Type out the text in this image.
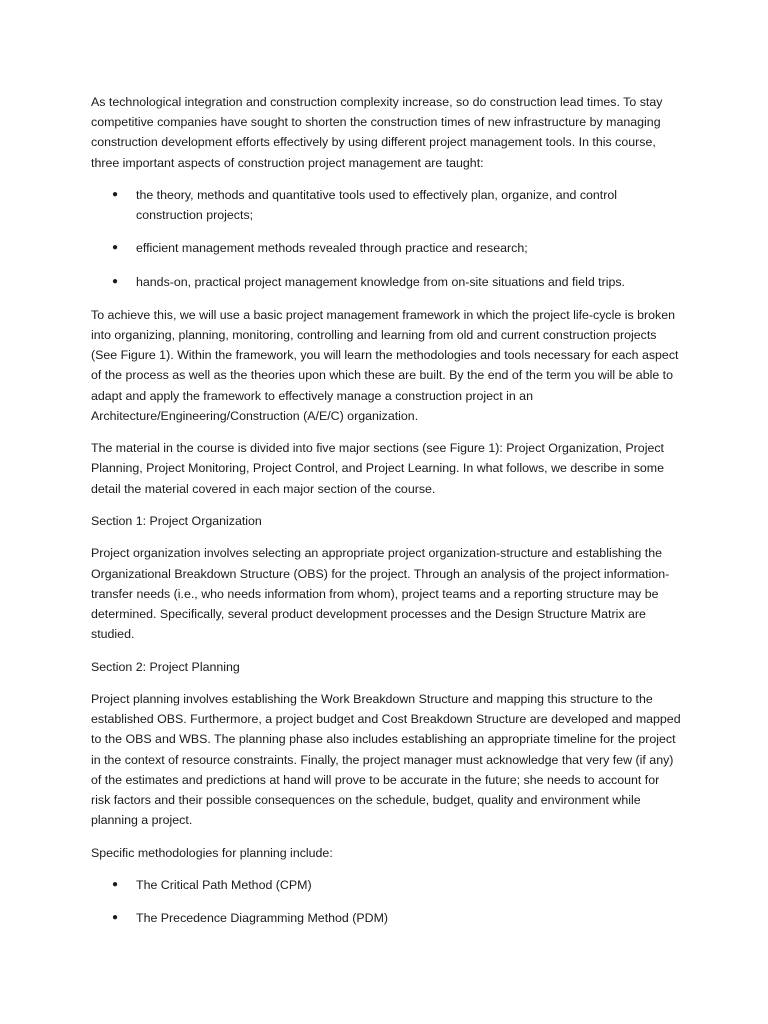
As technological integration and construction complexity increase, so do construction lead times. To stay competitive companies have sought to shorten the construction times of new infrastructure by managing construction development efforts effectively by using different project management tools. In this course, three important aspects of construction project management are taught:

● the theory, methods and quantitative tools used to effectively plan, organize, and control construction projects;
● efficient management methods revealed through practice and research;
● hands-on, practical project management knowledge from on-site situations and field trips.

To achieve this, we will use a basic project management framework in which the project life-cycle is broken into organizing, planning, monitoring, controlling and learning from old and current construction projects (See Figure 1). Within the framework, you will learn the methodologies and tools necessary for each aspect of the process as well as the theories upon which these are built. By the end of the term you will be able to adapt and apply the framework to effectively manage a construction project in an Architecture/Engineering/Construction (A/E/C) organization.

The material in the course is divided into five major sections (see Figure 1): Project Organization, Project Planning, Project Monitoring, Project Control, and Project Learning. In what follows, we describe in some detail the material covered in each major section of the course.

Section 1: Project Organization

Project organization involves selecting an appropriate project organization-structure and establishing the Organizational Breakdown Structure (OBS) for the project. Through an analysis of the project information-transfer needs (i.e., who needs information from whom), project teams and a reporting structure may be determined. Specifically, several product development processes and the Design Structure Matrix are studied.

Section 2: Project Planning

Project planning involves establishing the Work Breakdown Structure and mapping this structure to the established OBS. Furthermore, a project budget and Cost Breakdown Structure are developed and mapped to the OBS and WBS. The planning phase also includes establishing an appropriate timeline for the project in the context of resource constraints. Finally, the project manager must acknowledge that very few (if any) of the estimates and predictions at hand will prove to be accurate in the future; she needs to account for risk factors and their possible consequences on the schedule, budget, quality and environment while planning a project.

Specific methodologies for planning include:

● The Critical Path Method (CPM)
● The Precedence Diagramming Method (PDM)
